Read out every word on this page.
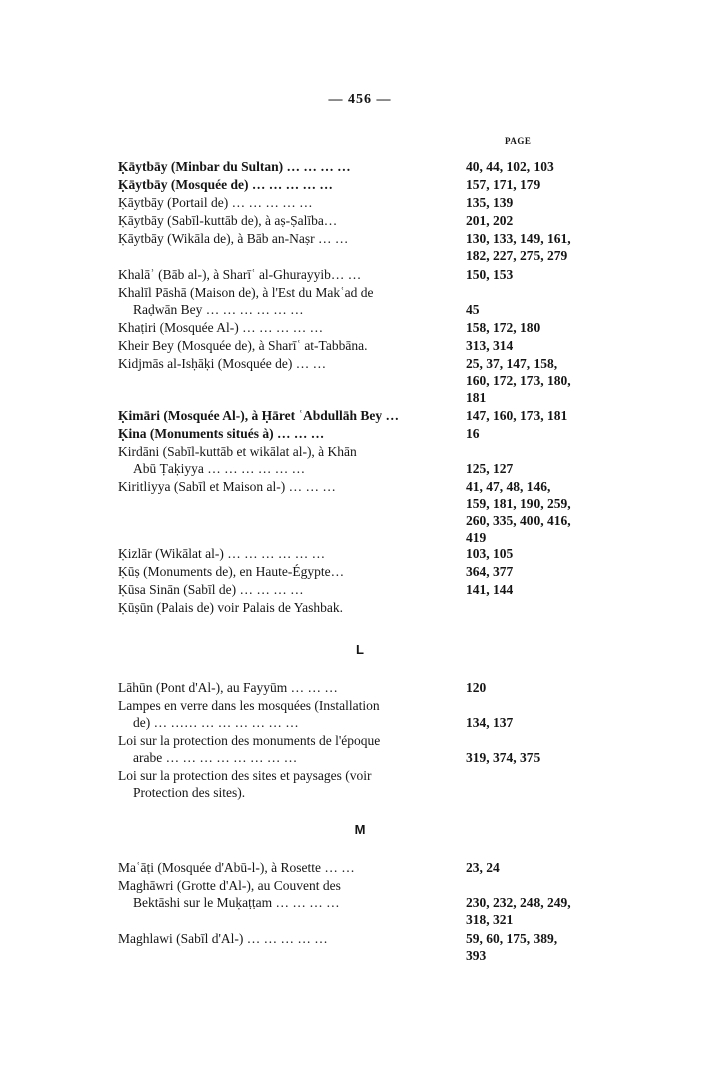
— 456 —
PAGE
Ḳāytbāy (Minbar du Sultan) … … … …	40, 44, 102, 103
Ḳāytbāy (Mosquée de) … … … … …	157, 171, 179
Ḳāytbāy (Portail de) … … … … …	135, 139
Ḳāytbāy (Sabīl-kuttāb de), à aṣ-Ṣalība…	201, 202
Ḳāytbāy (Wikāla de), à Bāb an-Naṣr … …	130, 133, 149, 161,
182, 227, 275, 279
Khalāʾ (Bāb al-), à Sharīʿ al-Ghurayyib… …	150, 153
Khalīl Pāshā (Maison de), à l'Est du Makʿad de
Raḍwān Bey … … … … … …	45
Khaṭiri (Mosquée Al-) … … … … …	158, 172, 180
Kheir Bey (Mosquée de), à Sharīʿ at-Tabbāna.	313, 314
Kidjmās al-Isḥāḳi (Mosquée de) … …	25, 37, 147, 158,
160, 172, 173, 180,
181
Ḳimāri (Mosquée Al-), à Ḥāret ʿAbdullāh Bey …	147, 160, 173, 181
Ḳina (Monuments situés à) … … …	16
Kirdāni (Sabīl-kuttāb et wikālat al-), à Khān
Abū Ṭaḳiyya … … … … … …	125, 127
Kiritliyya (Sabīl et Maison al-) … … …	41, 47, 48, 146,
159, 181, 190, 259,
260, 335, 400, 416,
419
Ḳizlār (Wikālat al-) … … … … … …	103, 105
Ḳūṣ (Monuments de), en Haute-Égypte…	364, 377
Ḳūsa Sinān (Sabīl de) … … … …	141, 144
Ḳūṣūn (Palais de) voir Palais de Yashbak.
L
Lāhūn (Pont d'Al-), au Fayyūm … … …	120
Lampes en verre dans les mosquées (Installation
de) … …… … … … … … …	134, 137
Loi sur la protection des monuments de l'époque
arabe … … … … … … … …	319, 374, 375
Loi sur la protection des sites et paysages (voir
Protection des sites).
M
Maʿāṭi (Mosquée d'Abū-l-), à Rosette … …	23, 24
Maghāwri (Grotte d'Al-), au Couvent des
Bektāshi sur le Muḳaṭṭam … … … …	230, 232, 248, 249,
318, 321
Maghlawi (Sabīl d'Al-) … … … … …	59, 60, 175, 389,
393
